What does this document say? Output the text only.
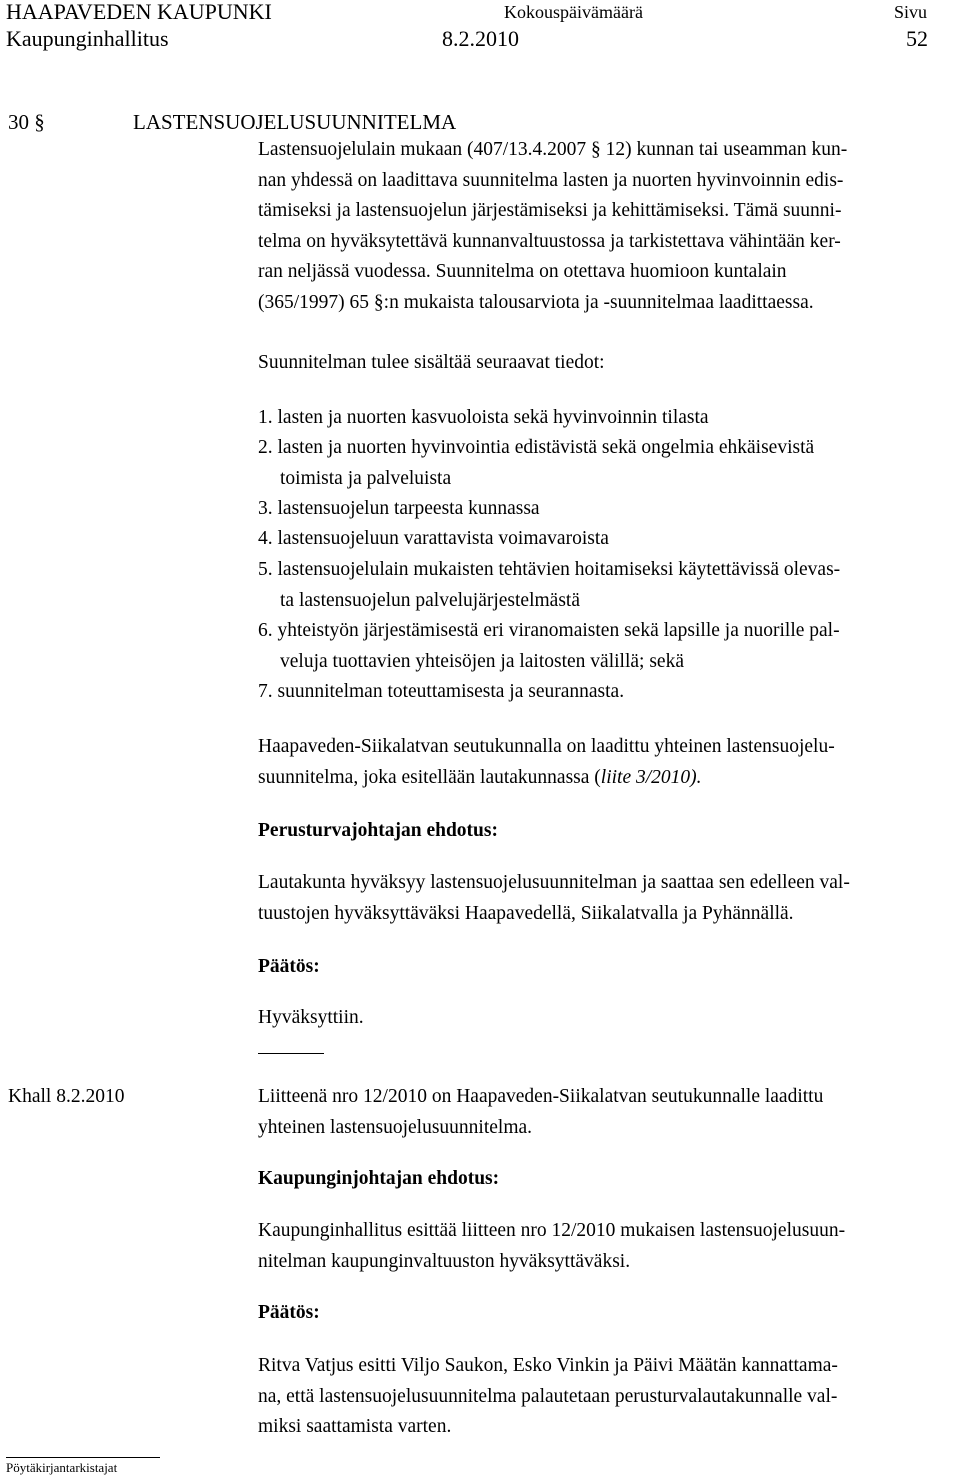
HAAPAVEDEN KAUPUNKI
Kaupunginhallitus
Kokouspäivämäärä
8.2.2010
Sivu
52
30 §	LASTENSUOJELUSUUNNITELMA
Lastensuojelulain mukaan (407/13.4.2007 § 12) kunnan tai useamman kun-
nan yhdessä on laadittava suunnitelma lasten ja nuorten hyvinvoinnin edis-
tämiseksi ja lastensuojelun järjestämiseksi ja kehittämiseksi. Tämä suunni-
telma on hyväksytettävä kunnanvaltuustossa ja tarkistettava vähintään ker-
ran neljässä vuodessa. Suunnitelma on otettava huomioon kuntalain
(365/1997) 65 §:n mukaista talousarviota ja -suunnitelmaa laadittaessa.
Suunnitelman tulee sisältää seuraavat tiedot:
1. lasten ja nuorten kasvuoloista sekä hyvinvoinnin tilasta
2. lasten ja nuorten hyvinvointia edistävistä sekä ongelmia ehkäisevistä
toimista ja palveluista
3. lastensuojelun tarpeesta kunnassa
4. lastensuojeluun varattavista voimavaroista
5. lastensuojelulain mukaisten tehtävien hoitamiseksi käytettävissä olevas-
ta lastensuojelun palvelujärjestelmästä
6. yhteistyön järjestämisestä eri viranomaisten sekä lapsille ja nuorille pal-
veluja tuottavien yhteisöjen ja laitosten välillä; sekä
7. suunnitelman toteuttamisesta ja seurannasta.
Haapaveden-Siikalatvan seutukunnalla on laadittu yhteinen lastensuojelu-
suunnitelma, joka esitellään lautakunnassa (liite 3/2010).
Perusturvajohtajan ehdotus:
Lautakunta hyväksyy lastensuojelusuunnitelman ja saattaa sen edelleen val-
tuustojen hyväksyttäväksi Haapavedellä, Siikalatvalla ja Pyhännällä.
Päätös:
Hyväksyttiin.
Khall 8.2.2010	Liitteenä nro 12/2010 on Haapaveden-Siikalatvan seutukunnalle laadittu
yhteinen lastensuojelusuunnitelma.
Kaupunginjohtajan ehdotus:
Kaupunginhallitus esittää liitteen nro 12/2010 mukaisen lastensuojelusuun-
nitelman kaupunginvaltuuston hyväksyttäväksi.
Päätös:
Ritva Vatjus esitti Viljo Saukon, Esko Vinkin ja Päivi Määtän kannattama-
na, että lastensuojelusuunnitelma palautetaan perusturvalautakunnalle val-
miksi saattamista varten.
Pöytäkirjantarkistajat
